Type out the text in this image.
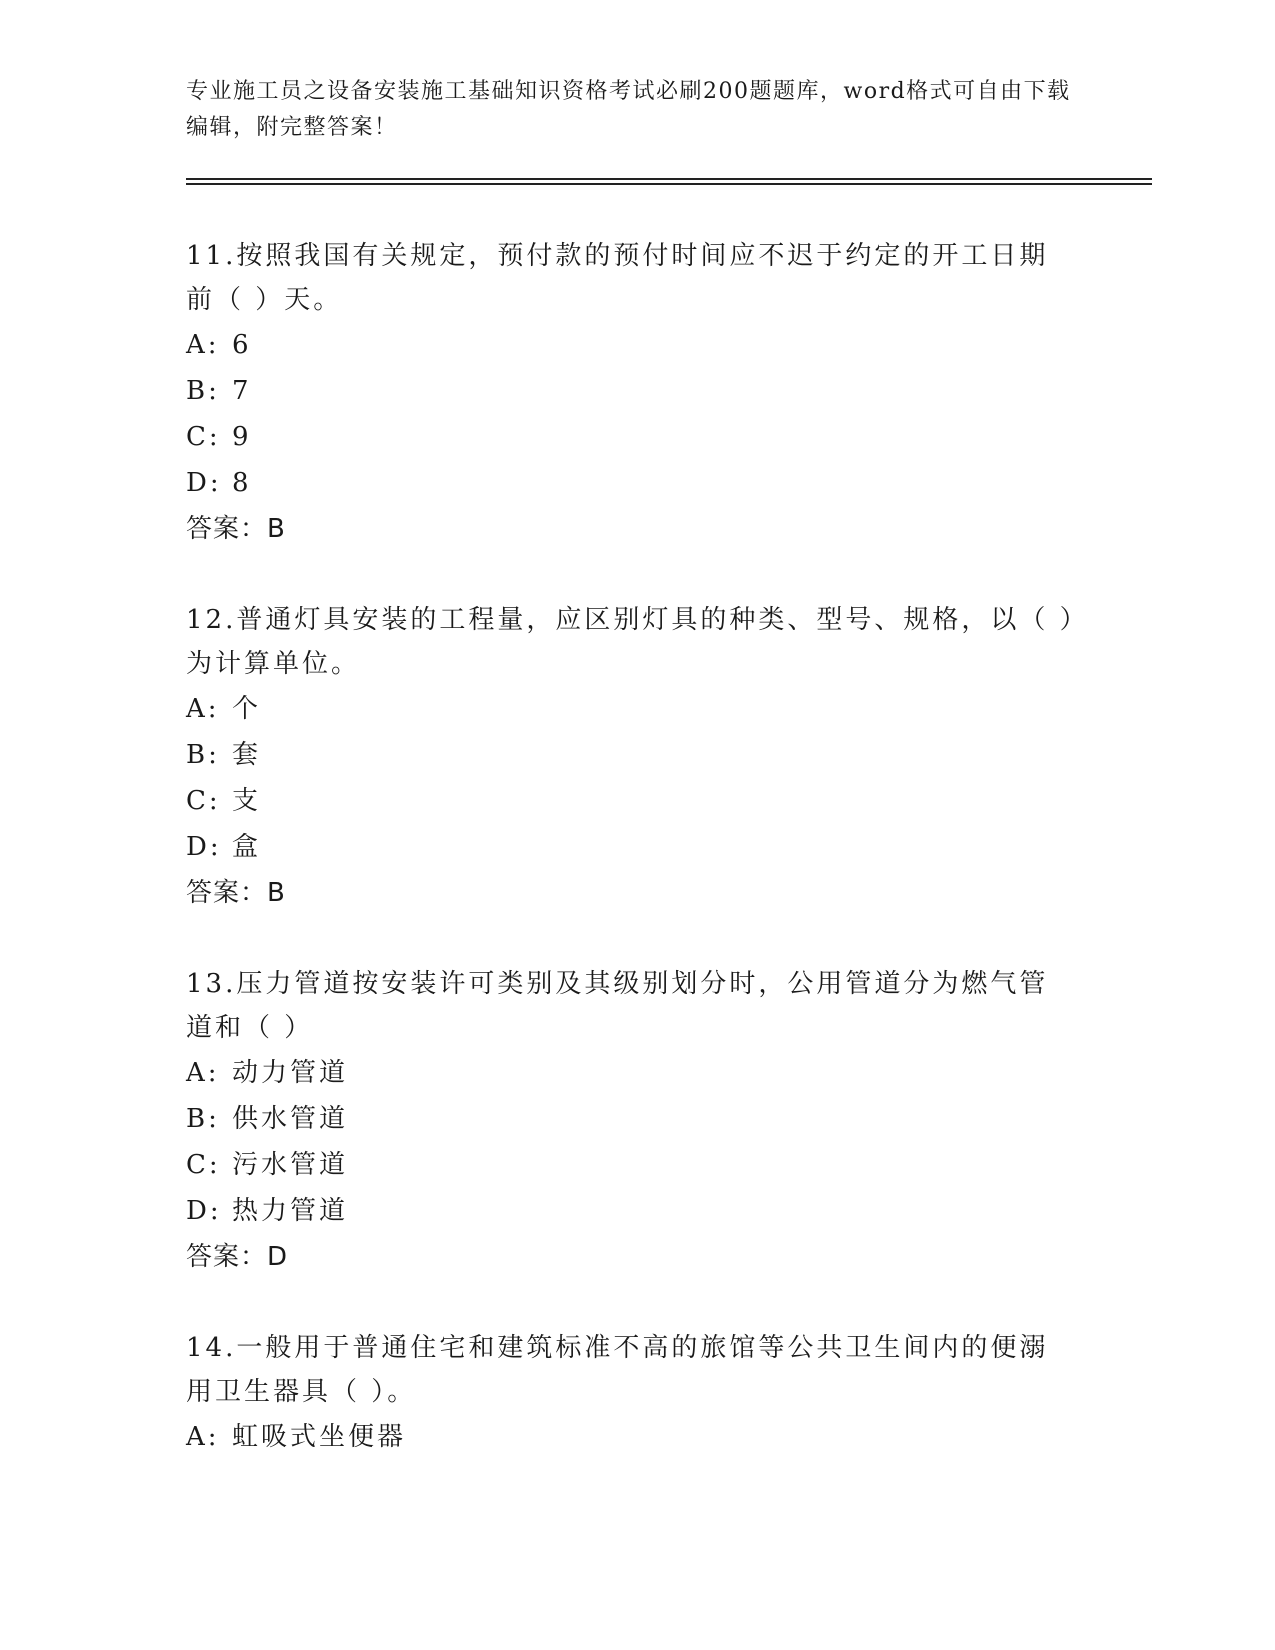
专业施工员之设备安装施工基础知识资格考试必刷200题题库，word格式可自由下载编辑，附完整答案！

11.按照我国有关规定，预付款的预付时间应不迟于约定的开工日期前（ ）天。

A: 6
B: 7
C: 9
D: 8
答案：B

12.普通灯具安装的工程量，应区别灯具的种类、型号、规格，以（ ）为计算单位。

A: 个
B: 套
C: 支
D: 盒
答案：B

13.压力管道按安装许可类别及其级别划分时，公用管道分为燃气管道和（ ）

A: 动力管道
B: 供水管道
C: 污水管道
D: 热力管道
答案：D

14.一般用于普通住宅和建筑标准不高的旅馆等公共卫生间内的便溺用卫生器具（ ）。

A: 虹吸式坐便器
